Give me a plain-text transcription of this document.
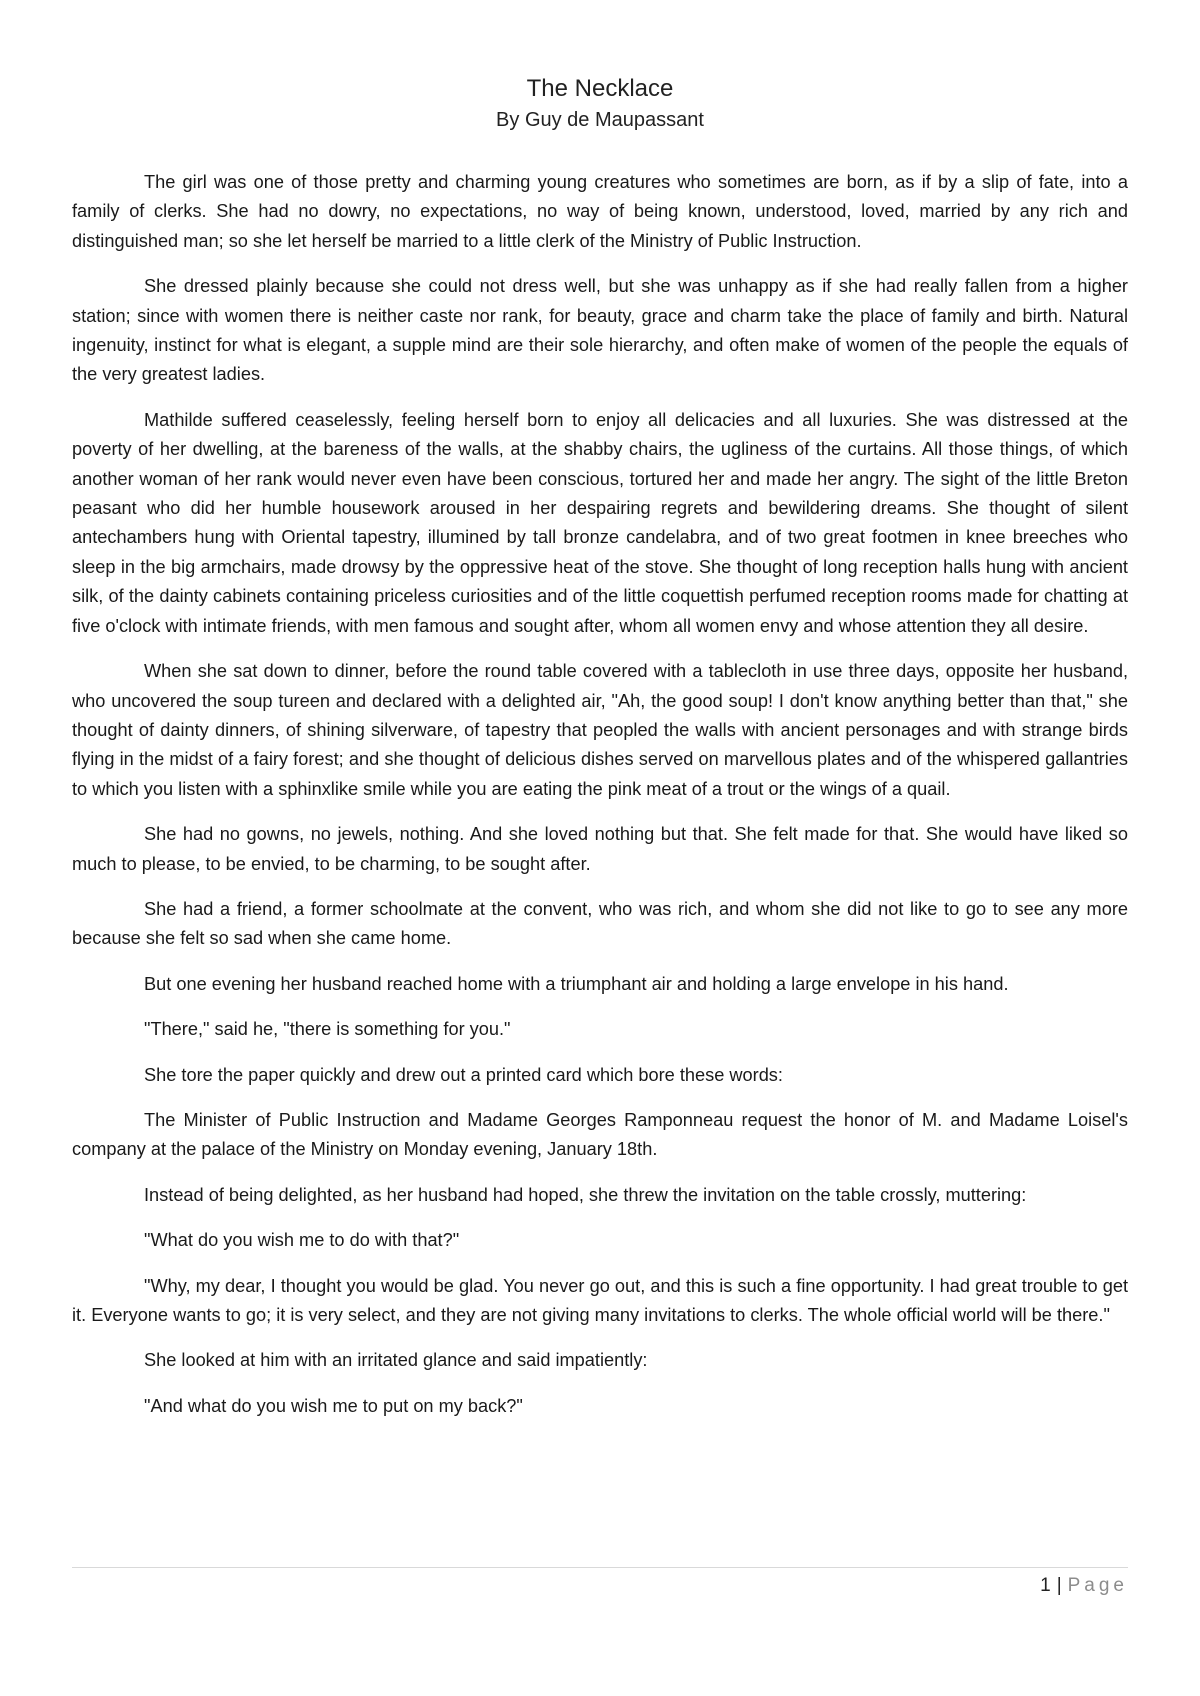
The Necklace
By Guy de Maupassant

The girl was one of those pretty and charming young creatures who sometimes are born, as if by a slip of fate, into a family of clerks. She had no dowry, no expectations, no way of being known, understood, loved, married by any rich and distinguished man; so she let herself be married to a little clerk of the Ministry of Public Instruction.

She dressed plainly because she could not dress well, but she was unhappy as if she had really fallen from a higher station; since with women there is neither caste nor rank, for beauty, grace and charm take the place of family and birth. Natural ingenuity, instinct for what is elegant, a supple mind are their sole hierarchy, and often make of women of the people the equals of the very greatest ladies.

Mathilde suffered ceaselessly, feeling herself born to enjoy all delicacies and all luxuries. She was distressed at the poverty of her dwelling, at the bareness of the walls, at the shabby chairs, the ugliness of the curtains. All those things, of which another woman of her rank would never even have been conscious, tortured her and made her angry. The sight of the little Breton peasant who did her humble housework aroused in her despairing regrets and bewildering dreams. She thought of silent antechambers hung with Oriental tapestry, illumined by tall bronze candelabra, and of two great footmen in knee breeches who sleep in the big armchairs, made drowsy by the oppressive heat of the stove. She thought of long reception halls hung with ancient silk, of the dainty cabinets containing priceless curiosities and of the little coquettish perfumed reception rooms made for chatting at five o'clock with intimate friends, with men famous and sought after, whom all women envy and whose attention they all desire.

When she sat down to dinner, before the round table covered with a tablecloth in use three days, opposite her husband, who uncovered the soup tureen and declared with a delighted air, "Ah, the good soup! I don't know anything better than that," she thought of dainty dinners, of shining silverware, of tapestry that peopled the walls with ancient personages and with strange birds flying in the midst of a fairy forest; and she thought of delicious dishes served on marvellous plates and of the whispered gallantries to which you listen with a sphinxlike smile while you are eating the pink meat of a trout or the wings of a quail.

She had no gowns, no jewels, nothing. And she loved nothing but that. She felt made for that. She would have liked so much to please, to be envied, to be charming, to be sought after.

She had a friend, a former schoolmate at the convent, who was rich, and whom she did not like to go to see any more because she felt so sad when she came home.

But one evening her husband reached home with a triumphant air and holding a large envelope in his hand.

"There," said he, "there is something for you."

She tore the paper quickly and drew out a printed card which bore these words:

The Minister of Public Instruction and Madame Georges Ramponneau request the honor of M. and Madame Loisel's company at the palace of the Ministry on Monday evening, January 18th.

Instead of being delighted, as her husband had hoped, she threw the invitation on the table crossly, muttering:

"What do you wish me to do with that?"

"Why, my dear, I thought you would be glad. You never go out, and this is such a fine opportunity. I had great trouble to get it. Everyone wants to go; it is very select, and they are not giving many invitations to clerks. The whole official world will be there."

She looked at him with an irritated glance and said impatiently:

"And what do you wish me to put on my back?"

1 | Page
